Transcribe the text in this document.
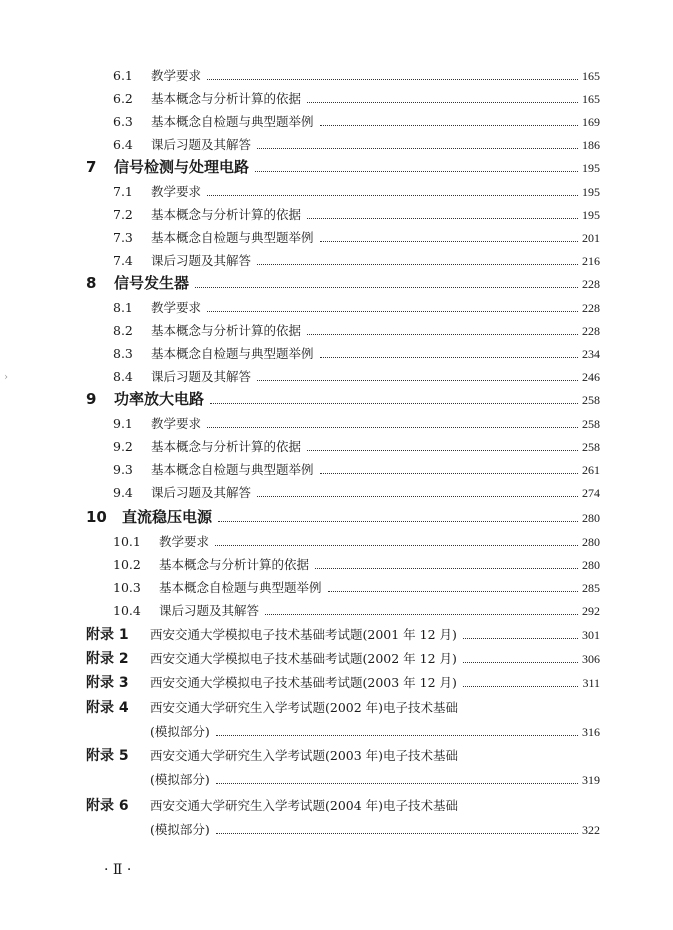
6.1	教学要求	165
6.2	基本概念与分析计算的依据	165
6.3	基本概念自检题与典型题举例	169
6.4	课后习题及其解答	186
7	信号检测与处理电路	195
7.1	教学要求	195
7.2	基本概念与分析计算的依据	195
7.3	基本概念自检题与典型题举例	201
7.4	课后习题及其解答	216
8	信号发生器	228
8.1	教学要求	228
8.2	基本概念与分析计算的依据	228
8.3	基本概念自检题与典型题举例	234
8.4	课后习题及其解答	246
9	功率放大电路	258
9.1	教学要求	258
9.2	基本概念与分析计算的依据	258
9.3	基本概念自检题与典型题举例	261
9.4	课后习题及其解答	274
10	直流稳压电源	280
10.1	教学要求	280
10.2	基本概念与分析计算的依据	280
10.3	基本概念自检题与典型题举例	285
10.4	课后习题及其解答	292
附录 1	西安交通大学模拟电子技术基础考试题(2001 年 12 月)	301
附录 2	西安交通大学模拟电子技术基础考试题(2002 年 12 月)	306
附录 3	西安交通大学模拟电子技术基础考试题(2003 年 12 月)	311
附录 4	西安交通大学研究生入学考试题(2002 年)电子技术基础
(模拟部分)	316
附录 5	西安交通大学研究生入学考试题(2003 年)电子技术基础
(模拟部分)	319
附录 6	西安交通大学研究生入学考试题(2004 年)电子技术基础
(模拟部分)	322
›
· Ⅱ ·
